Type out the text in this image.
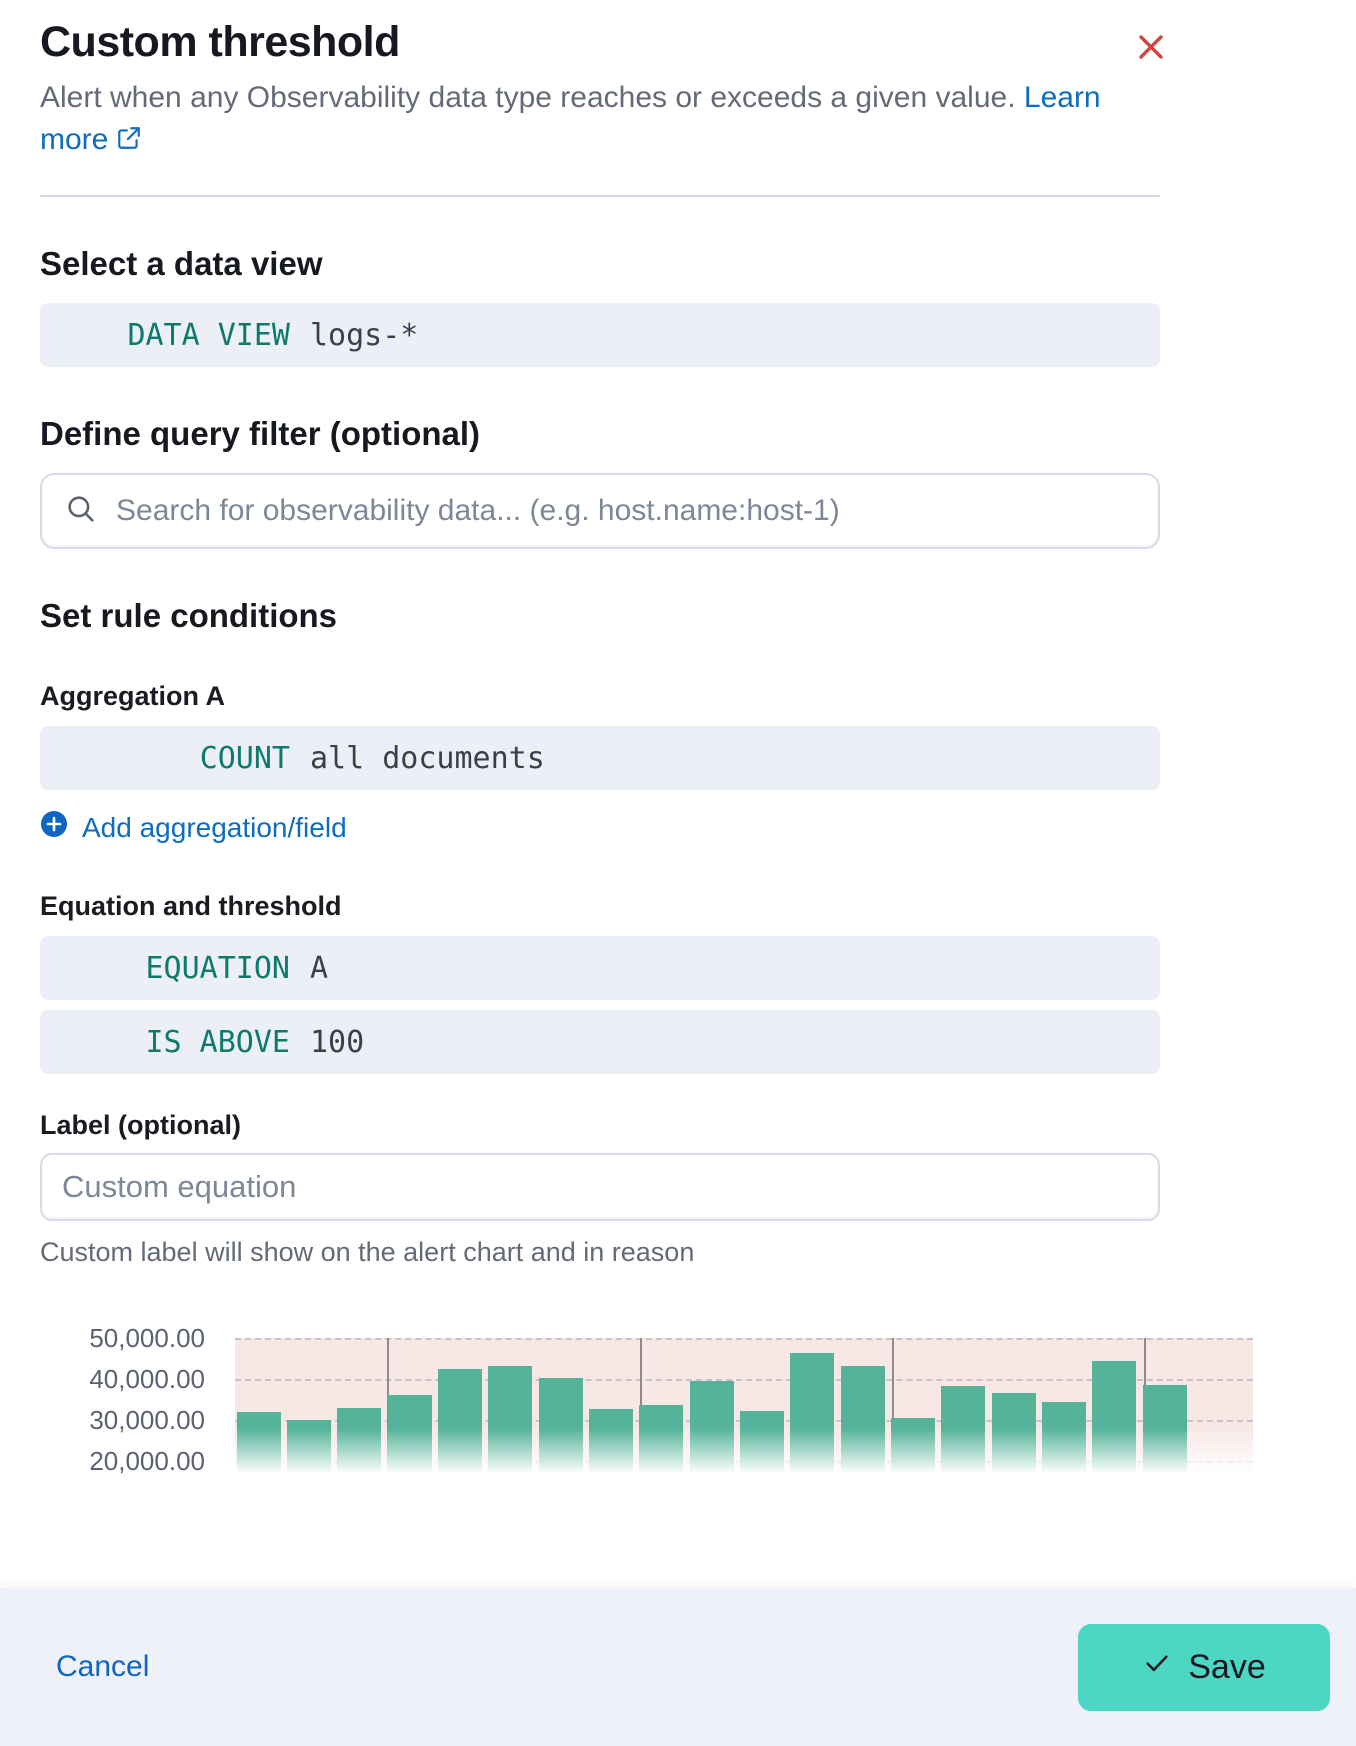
Custom threshold

Alert when any Observability data type reaches or exceeds a given value. Learn more

Select a data view
DATA VIEW logs-*
Define query filter (optional)
Search for observability data... (e.g. host.name:host-1)
Set rule conditions
Aggregation A
COUNT all documents
Add aggregation/field
Equation and threshold
EQUATION A
IS ABOVE 100
Label (optional)
Custom equation
Custom label will show on the alert chart and in reason
50,000.00
40,000.00
30,000.00
20,000.00
Cancel	Save
